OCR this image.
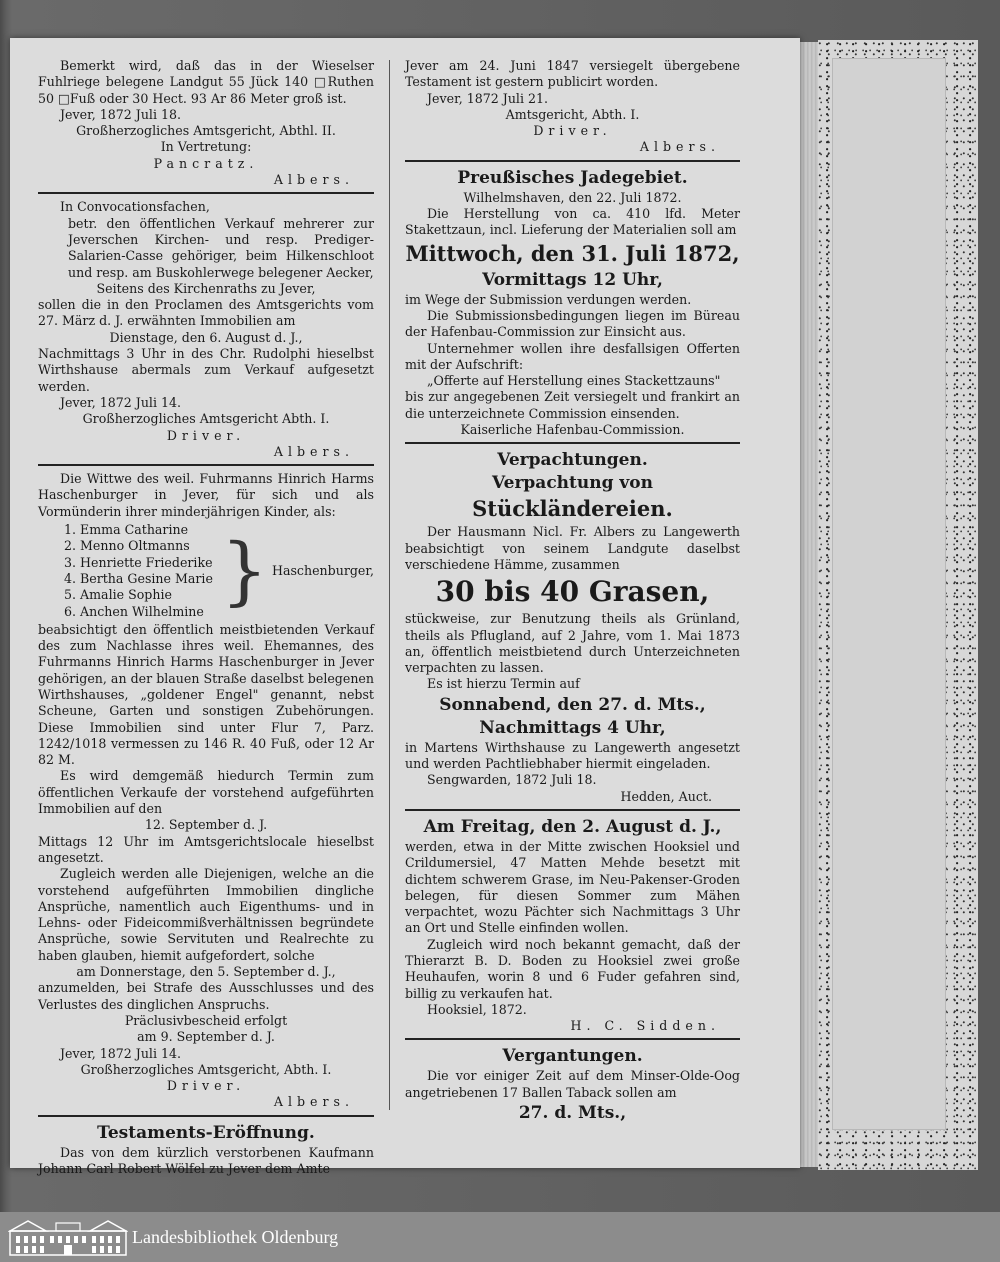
Bemerkt wird, daß das in der Wieselser Fuhlriege belegene Landgut 55 Jück 140 □Ruthen 50 □Fuß oder 30 Hect. 93 Ar 86 Meter groß ist.

Jever, 1872 Juli 18.

Großherzogliches Amtsgericht, Abthl. II.

In Vertretung:

Pancratz.

Albers.

In Convocationsfachen,

betr. den öffentlichen Verkauf mehrerer zur Jeverschen Kirchen- und resp. Prediger-Salarien-Casse gehöriger, beim Hilkenschloot und resp. am Buskohlerwege belegener Aecker,

Seitens des Kirchenraths zu Jever,

sollen die in den Proclamen des Amtsgerichts vom 27. März d. J. erwähnten Immobilien am

Dienstage, den 6. August d. J.,

Nachmittags 3 Uhr in des Chr. Rudolphi hieselbst Wirthshause abermals zum Verkauf aufgesetzt werden.

Jever, 1872 Juli 14.

Großherzogliches Amtsgericht Abth. I.

Driver.

Albers.

Die Wittwe des weil. Fuhrmanns Hinrich Harms Haschenburger in Jever, für sich und als Vormünderin ihrer minderjährigen Kinder, als:

1. Emma Catharine
2. Menno Oltmanns
3. Henriette Friederike
4. Bertha Gesine Marie
5. Amalie Sophie
6. Anchen Wilhelmine } Haschenburger,

beabsichtigt den öffentlich meistbietenden Verkauf des zum Nachlasse ihres weil. Ehemannes, des Fuhrmanns Hinrich Harms Haschenburger in Jever gehörigen, an der blauen Straße daselbst belegenen Wirthshauses, „goldener Engel" genannt, nebst Scheune, Garten und sonstigen Zubehörungen. Diese Immobilien sind unter Flur 7, Parz. 1242/1018 vermessen zu 146 R. 40 Fuß, oder 12 Ar 82 M.

Es wird demgemäß hiedurch Termin zum öffentlichen Verkaufe der vorstehend aufgeführten Immobilien auf den

12. September d. J.

Mittags 12 Uhr im Amtsgerichtslocale hieselbst angesetzt.

Zugleich werden alle Diejenigen, welche an die vorstehend aufgeführten Immobilien dingliche Ansprüche, namentlich auch Eigenthums- und in Lehns- oder Fideicommißverhältnissen begründete Ansprüche, sowie Servituten und Realrechte zu haben glauben, hiemit aufgefordert, solche

am Donnerstage, den 5. September d. J.,

anzumelden, bei Strafe des Ausschlusses und des Verlustes des dinglichen Anspruchs.

Präclusivbescheid erfolgt

am 9. September d. J.

Jever, 1872 Juli 14.

Großherzogliches Amtsgericht, Abth. I.

Driver.

Albers.

Testaments-Eröffnung.

Das von dem kürzlich verstorbenen Kaufmann Johann Carl Robert Wölfel zu Jever dem Amte

Jever am 24. Juni 1847 versiegelt übergebene Testament ist gestern publicirt worden.

Jever, 1872 Juli 21.

Amtsgericht, Abth. I.

Driver.

Albers.

Preußisches Jadegebiet.

Wilhelmshaven, den 22. Juli 1872.

Die Herstellung von ca. 410 lfd. Meter Stakettzaun, incl. Lieferung der Materialien soll am

Mittwoch, den 31. Juli 1872,

Vormittags 12 Uhr,

im Wege der Submission verdungen werden.

Die Submissionsbedingungen liegen im Büreau der Hafenbau-Commission zur Einsicht aus.

Unternehmer wollen ihre desfallsigen Offerten mit der Aufschrift:

„Offerte auf Herstellung eines Stackettzauns"

bis zur angegebenen Zeit versiegelt und frankirt an die unterzeichnete Commission einsenden.

Kaiserliche Hafenbau-Commission.

Verpachtungen.

Verpachtung von

Stückländereien.

Der Hausmann Nicl. Fr. Albers zu Langewerth beabsichtigt von seinem Landgute daselbst verschiedene Hämme, zusammen

30 bis 40 Grasen,

stückweise, zur Benutzung theils als Grünland, theils als Pflugland, auf 2 Jahre, vom 1. Mai 1873 an, öffentlich meistbietend durch Unterzeichneten verpachten zu lassen.

Es ist hierzu Termin auf

Sonnabend, den 27. d. Mts.,

Nachmittags 4 Uhr,

in Martens Wirthshause zu Langewerth angesetzt und werden Pachtliebhaber hiermit eingeladen.

Sengwarden, 1872 Juli 18.

Hedden, Auct.

Am Freitag, den 2. August d. J.,

werden, etwa in der Mitte zwischen Hooksiel und Crildumersiel, 47 Matten Mehde besetzt mit dichtem schwerem Grase, im Neu-Pakenser-Groden belegen, für diesen Sommer zum Mähen verpachtet, wozu Pächter sich Nachmittags 3 Uhr an Ort und Stelle einfinden wollen.

Zugleich wird noch bekannt gemacht, daß der Thierarzt B. D. Boden zu Hooksiel zwei große Heuhaufen, worin 8 und 6 Fuder gefahren sind, billig zu verkaufen hat.

Hooksiel, 1872.

H. C. Sidden.

Vergantungen.

Die vor einiger Zeit auf dem Minser-Olde-Oog angetriebenen 17 Ballen Taback sollen am

27. d. Mts.,

Landesbibliothek Oldenburg
